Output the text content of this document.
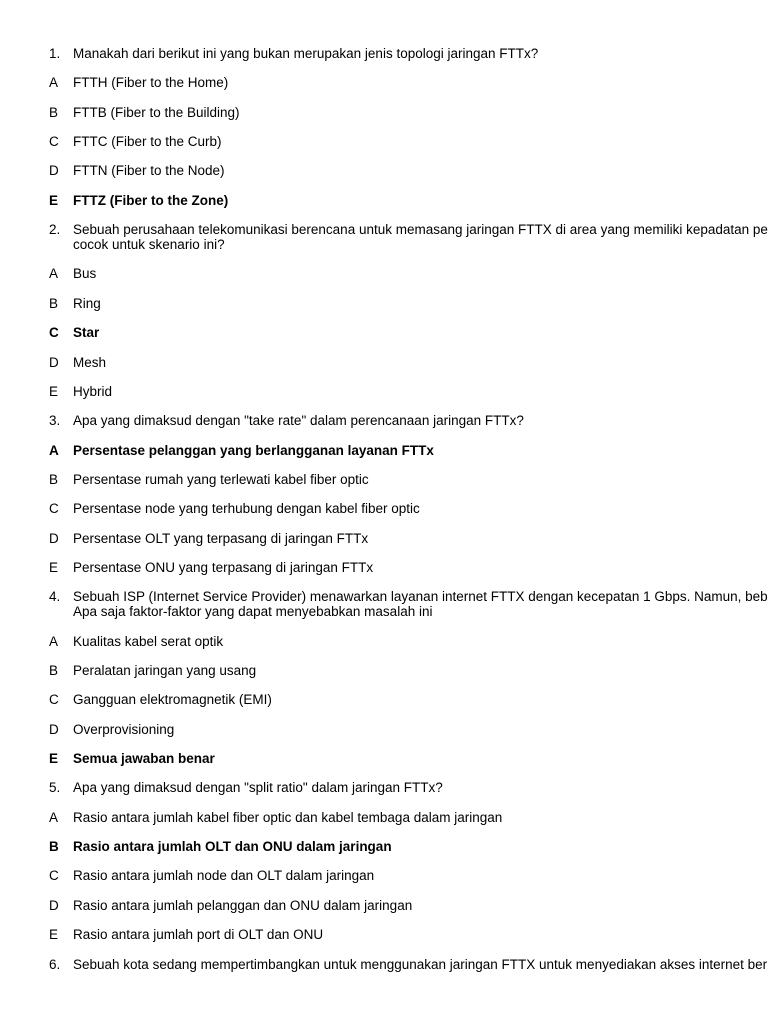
1. Manakah dari berikut ini yang bukan merupakan jenis topologi jaringan FTTx?
A FTTH (Fiber to the Home)
B FTTB (Fiber to the Building)
C FTTC (Fiber to the Curb)
D FTTN (Fiber to the Node)
E FTTZ (Fiber to the Zone)
2. Sebuah perusahaan telekomunikasi berencana untuk memasang jaringan FTTX di area yang memiliki kepadatan pe
cocok untuk skenario ini?
A Bus
B Ring
C Star
D Mesh
E Hybrid
3. Apa yang dimaksud dengan "take rate" dalam perencanaan jaringan FTTx?
A Persentase pelanggan yang berlangganan layanan FTTx
B Persentase rumah yang terlewati kabel fiber optic
C Persentase node yang terhubung dengan kabel fiber optic
D Persentase OLT yang terpasang di jaringan FTTx
E Persentase ONU yang terpasang di jaringan FTTx
4. Sebuah ISP (Internet Service Provider) menawarkan layanan internet FTTX dengan kecepatan 1 Gbps. Namun, beb
Apa saja faktor-faktor yang dapat menyebabkan masalah ini
A Kualitas kabel serat optik
B Peralatan jaringan yang usang
C Gangguan elektromagnetik (EMI)
D Overprovisioning
E Semua jawaban benar
5. Apa yang dimaksud dengan "split ratio" dalam jaringan FTTx?
A Rasio antara jumlah kabel fiber optic dan kabel tembaga dalam jaringan
B Rasio antara jumlah OLT dan ONU dalam jaringan
C Rasio antara jumlah node dan OLT dalam jaringan
D Rasio antara jumlah pelanggan dan ONU dalam jaringan
E Rasio antara jumlah port di OLT dan ONU
6. Sebuah kota sedang mempertimbangkan untuk menggunakan jaringan FTTX untuk menyediakan akses internet ber
